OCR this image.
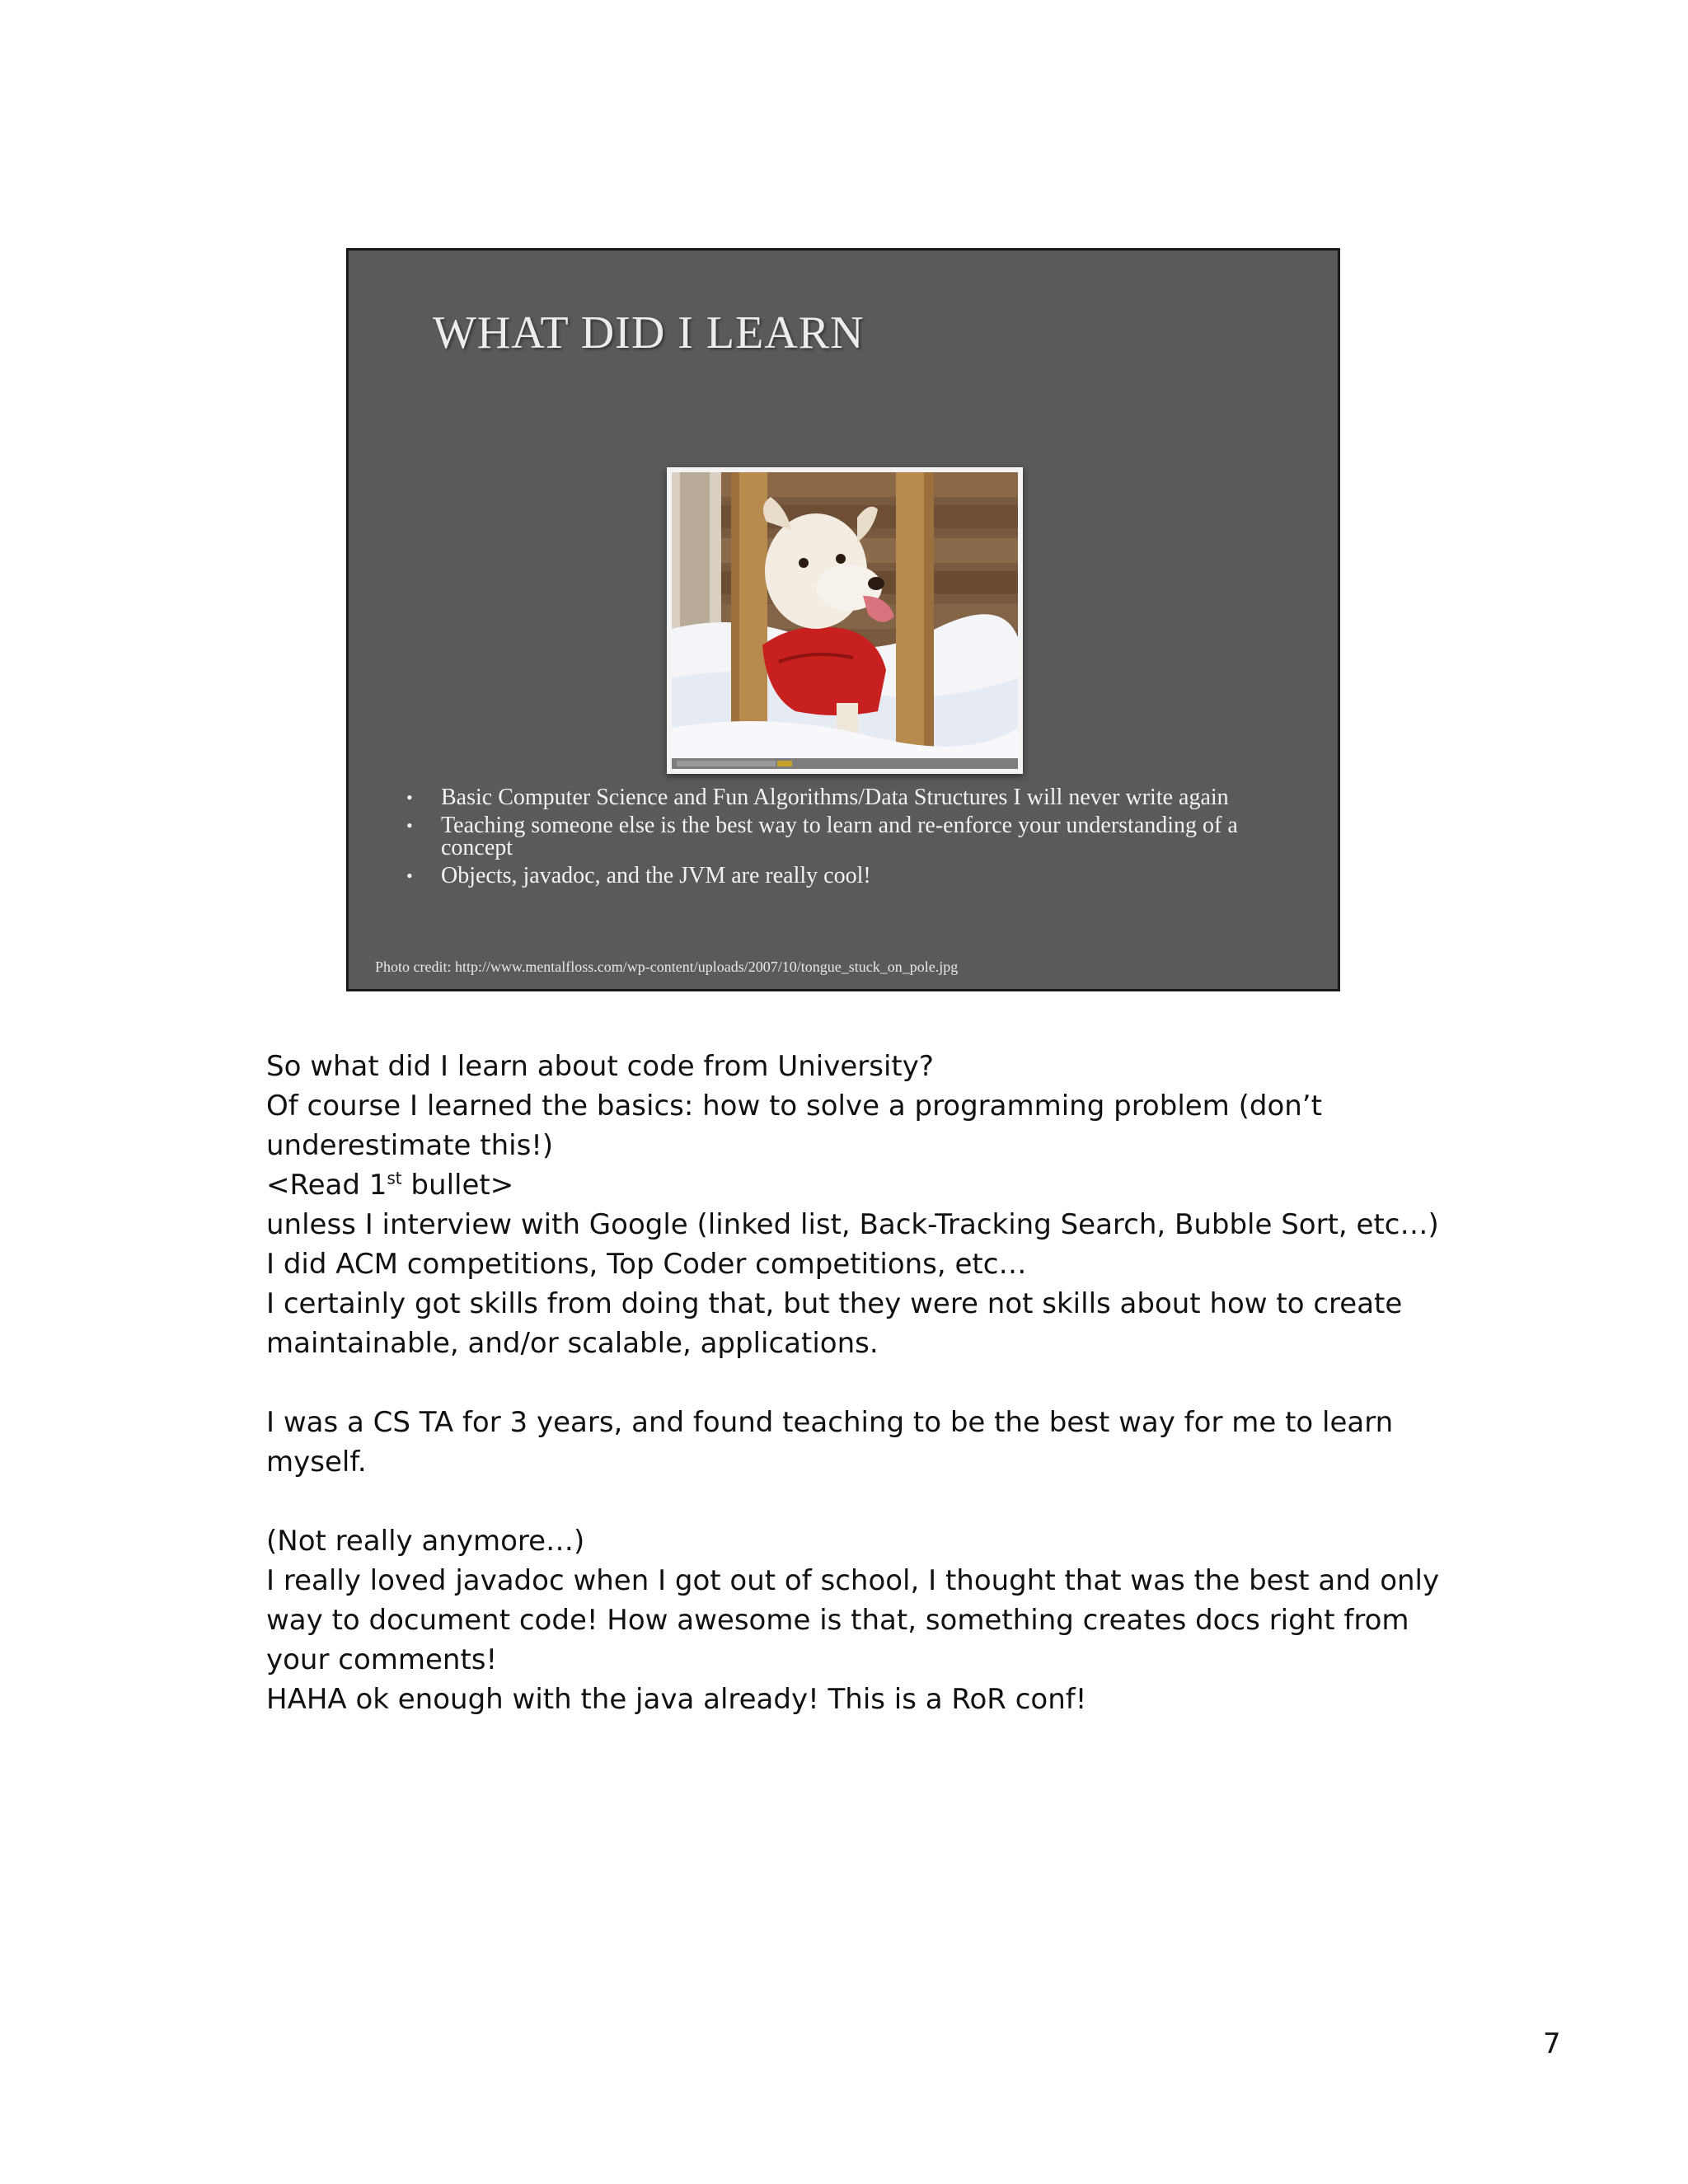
WHAT DID I LEARN
• Basic Computer Science and Fun Algorithms/Data Structures I will never write again
• Teaching someone else is the best way to learn and re-enforce your understanding of a concept
• Objects, javadoc, and the JVM are really cool!
Photo credit: http://www.mentalfloss.com/wp-content/uploads/2007/10/tongue_stuck_on_pole.jpg

So what did I learn about code from University?

Of course I learned the basics: how to solve a programming problem (don’t

underestimate this!)

<Read 1st bullet>

unless I interview with Google (linked list, Back-Tracking Search, Bubble Sort, etc…)

I did ACM competitions, Top Coder competitions, etc…

I certainly got skills from doing that, but they were not skills about how to create

maintainable, and/or scalable, applications.

I was a CS TA for 3 years, and found teaching to be the best way for me to learn

myself.

(Not really anymore…)

I really loved javadoc when I got out of school, I thought that was the best and only

way to document code! How awesome is that, something creates docs right from

your comments!

HAHA ok enough with the java already! This is a RoR conf!

7
